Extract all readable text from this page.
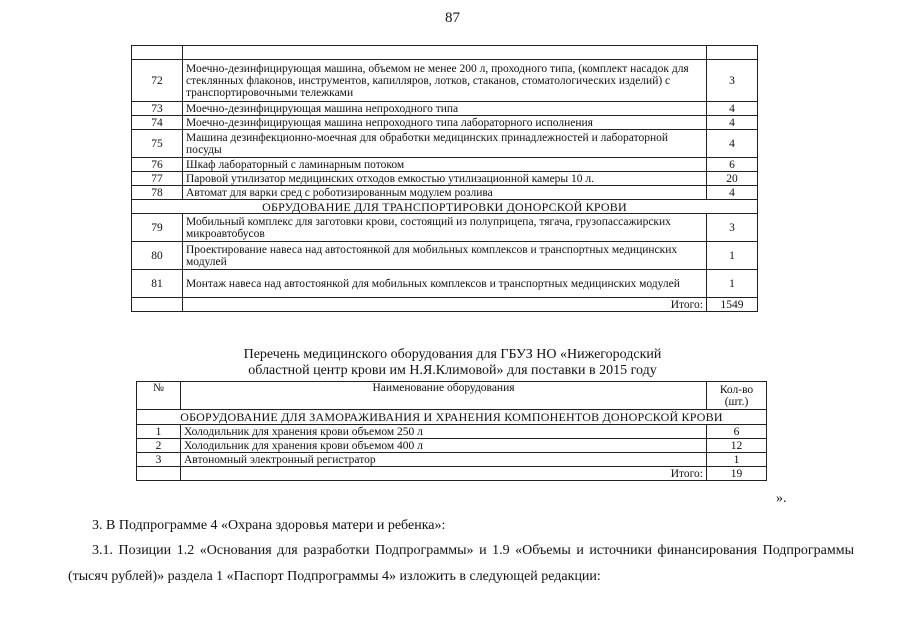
87

72	Моечно-дезинфицирующая машина, объемом не менее 200 л, проходного типа, (комплект насадок для стеклянных флаконов, инструментов, капилляров, лотков, стаканов, стоматологических изделий) с транспортировочными тележками	3
73	Моечно-дезинфицирующая машина непроходного типа	4
74	Моечно-дезинфицирующая машина непроходного типа лабораторного исполнения	4
75	Машина дезинфекционно-моечная для обработки медицинских принадлежностей и лабораторной посуды	4
76	Шкаф лабораторный с ламинарным потоком	6
77	Паровой утилизатор медицинских отходов емкостью утилизационной камеры 10 л.	20
78	Автомат для варки сред с роботизированным модулем розлива	4
ОБРУДОВАНИЕ ДЛЯ ТРАНСПОРТИРОВКИ ДОНОРСКОЙ КРОВИ		
79	Мобильный комплекс для заготовки крови, состоящий из полуприцепа, тягача, грузопассажирских микроавтобусов	3
80	Проектирование навеса над автостоянкой для мобильных комплексов и транспортных медицинских модулей	1
81	Монтаж навеса над автостоянкой для мобильных комплексов и транспортных медицинских модулей	1
	Итого:	1549
Перечень медицинского оборудования для ГБУЗ НО «Нижегородский
областной центр крови им Н.Я.Климовой» для поставки в 2015 году
№	Наименование оборудования	Кол-во (шт.)
ОБОРУДОВАНИЕ ДЛЯ ЗАМОРАЖИВАНИЯ И ХРАНЕНИЯ КОМПОНЕНТОВ ДОНОРСКОЙ КРОВИ		
1	Холодильник для хранения крови объемом 250 л	6
2	Холодильник для хранения крови объемом 400 л	12
3	Автономный электронный регистратор	1
	Итого:	19
».
3. В Подпрограмме 4 «Охрана здоровья матери и ребенка»:
3.1. Позиции 1.2 «Основания для разработки Подпрограммы» и 1.9 «Объемы и источники финансирования Подпрограммы (тысяч рублей)» раздела 1 «Паспорт Подпрограммы 4» изложить в следующей редакции:
